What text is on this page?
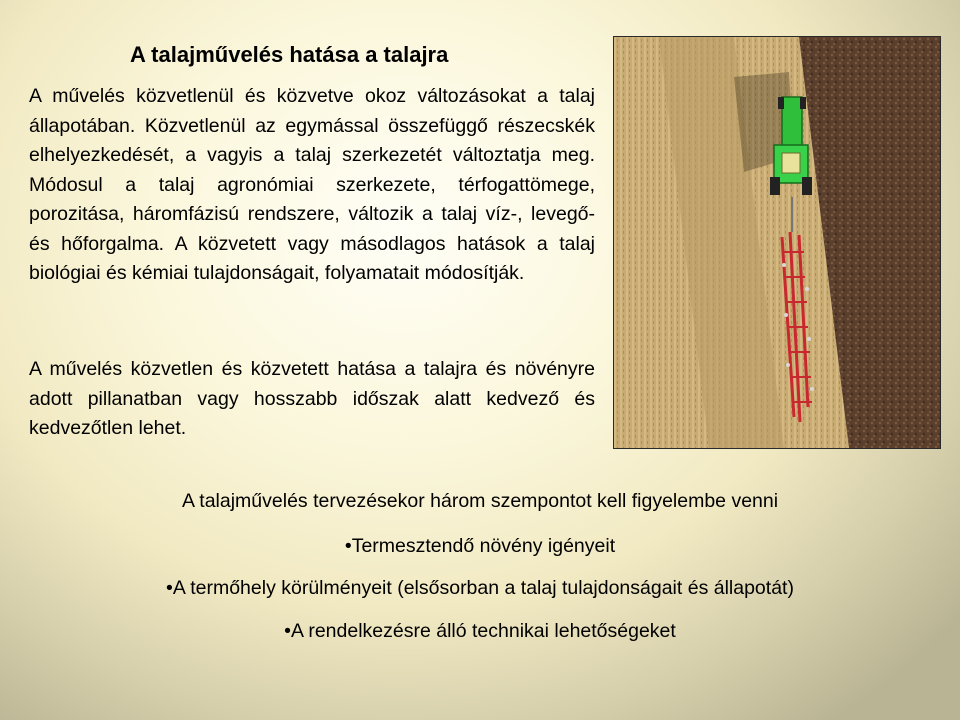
A talajművelés hatása a talajra

A művelés közvetlenül és közvetve okoz változásokat a talaj állapotában. Közvetlenül az egymással összefüggő részecskék elhelyezkedését, a vagyis a talaj szerkezetét változtatja meg. Módosul a talaj agronómiai szerkezete, térfogattömege, porozitása, háromfázisú rendszere, változik a talaj víz-, levegő- és hőforgalma. A közvetett vagy másodlagos hatások a talaj biológiai és kémiai tulajdonságait, folyamatait módosítják.

A művelés közvetlen és közvetett hatása a talajra és növényre adott pillanatban vagy hosszabb időszak alatt kedvező és kedvezőtlen lehet.

A talajművelés tervezésekor három szempontot kell figyelembe venni
•Termesztendő növény igényeit
•A termőhely körülményeit (elsősorban a talaj tulajdonságait és állapotát)
•A rendelkezésre álló technikai lehetőségeket
